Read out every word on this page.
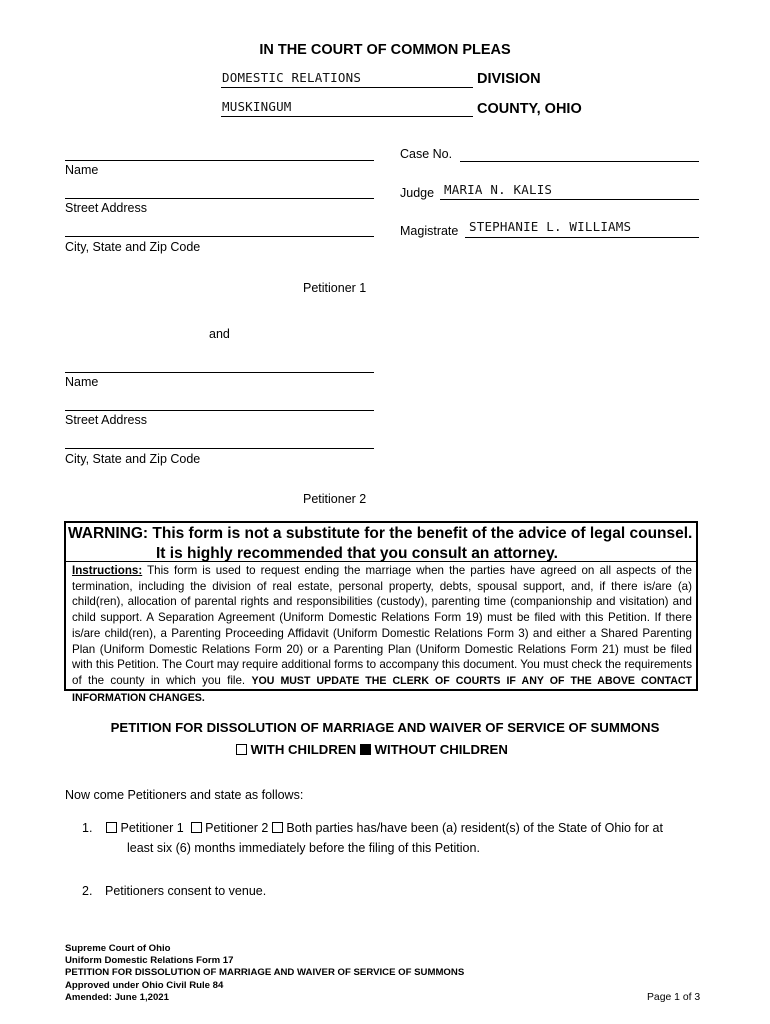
IN THE COURT OF COMMON PLEAS
DOMESTIC RELATIONS	DIVISION
MUSKINGUM	COUNTY, OHIO
Case No.
Judge MARIA N. KALIS
Magistrate STEPHANIE L. WILLIAMS
Name
Street Address
City, State and Zip Code
Petitioner 1
and
Name
Street Address
City, State and Zip Code
Petitioner 2
WARNING: This form is not a substitute for the benefit of the advice of legal counsel.
It is highly recommended that you consult an attorney.
Instructions: This form is used to request ending the marriage when the parties have agreed on all aspects of the termination, including the division of real estate, personal property, debts, spousal support, and, if there is/are (a) child(ren), allocation of parental rights and responsibilities (custody), parenting time (companionship and visitation) and child support. A Separation Agreement (Uniform Domestic Relations Form 19) must be filed with this Petition. If there is/are child(ren), a Parenting Proceeding Affidavit (Uniform Domestic Relations Form 3) and either a Shared Parenting Plan (Uniform Domestic Relations Form 20) or a Parenting Plan (Uniform Domestic Relations Form 21) must be filed with this Petition. The Court may require additional forms to accompany this document. You must check the requirements of the county in which you file. YOU MUST UPDATE THE CLERK OF COURTS IF ANY OF THE ABOVE CONTACT INFORMATION CHANGES.
PETITION FOR DISSOLUTION OF MARRIAGE AND WAIVER OF SERVICE OF SUMMONS
WITH CHILDREN WITHOUT CHILDREN
Now come Petitioners and state as follows:
1.	Petitioner 1 Petitioner 2 Both parties has/have been (a) resident(s) of the State of Ohio for at
least six (6) months immediately before the filing of this Petition.
2. Petitioners consent to venue.
Supreme Court of Ohio
Uniform Domestic Relations Form 17
PETITION FOR DISSOLUTION OF MARRIAGE AND WAIVER OF SERVICE OF SUMMONS
Approved under Ohio Civil Rule 84
Amended: June 1,2021	Page 1 of 3
